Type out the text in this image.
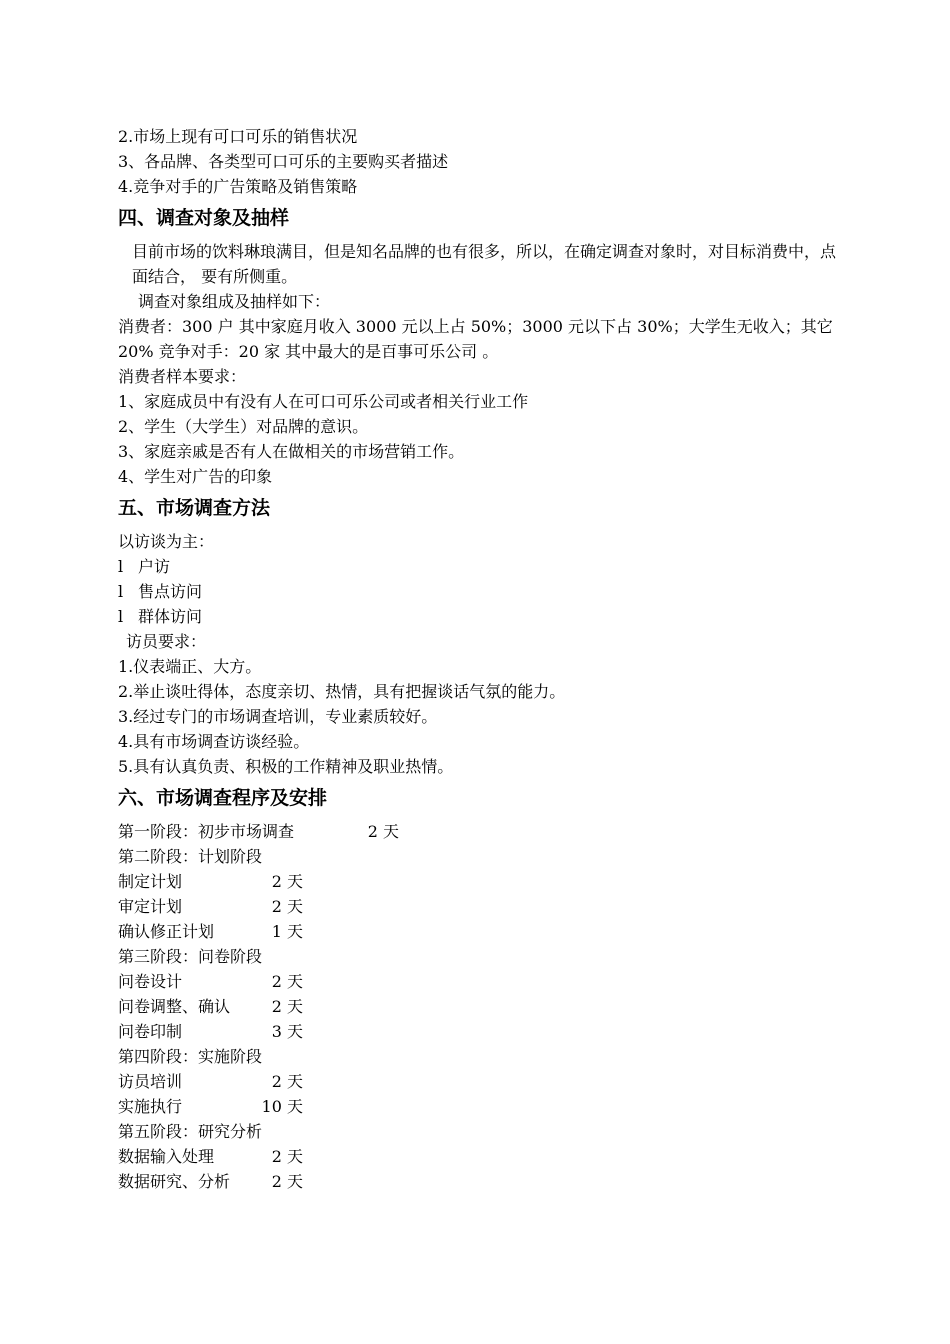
2.市场上现有可口可乐的销售状况
3、各品牌、各类型可口可乐的主要购买者描述
4.竞争对手的广告策略及销售策略
四、调查对象及抽样
目前市场的饮料琳琅满目，但是知名品牌的也有很多，所以，在确定调查对象时，对目标消费中，点面结合， 要有所侧重。
调查对象组成及抽样如下：
消费者：300 户 其中家庭月收入 3000 元以上占 50%；3000 元以下占 30%；大学生无收入；其它 20% 竞争对手：20 家 其中最大的是百事可乐公司 。
消费者样本要求：
1、家庭成员中有没有人在可口可乐公司或者相关行业工作
2、学生（大学生）对品牌的意识。
3、家庭亲戚是否有人在做相关的市场营销工作。
4、学生对广告的印象
五、市场调查方法
以访谈为主：
l 户访
l 售点访问
l 群体访问
访员要求：
1.仪表端正、大方。
2.举止谈吐得体，态度亲切、热情，具有把握谈话气氛的能力。
3.经过专门的市场调查培训，专业素质较好。
4.具有市场调查访谈经验。
5.具有认真负责、积极的工作精神及职业热情。
六、市场调查程序及安排
第一阶段：初步市场调查	2 天
第二阶段：计划阶段
制定计划	2 天
审定计划	2 天
确认修正计划	1 天
第三阶段：问卷阶段
问卷设计	2 天
问卷调整、确认	2 天
问卷印制	3 天
第四阶段：实施阶段
访员培训	2 天
实施执行	10 天
第五阶段：研究分析
数据输入处理	2 天
数据研究、分析	2 天
